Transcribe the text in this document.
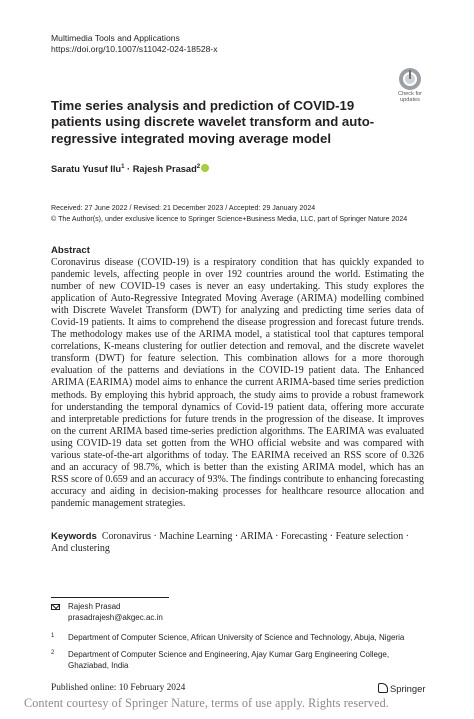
Multimedia Tools and Applications
https://doi.org/10.1007/s11042-024-18528-x
Check for
updates
Time series analysis and prediction of COVID-19 patients using discrete wavelet transform and auto-regressive integrated moving average model
Saratu Yusuf Ilu$^1$ · Rajesh Prasad$^2$
Received: 27 June 2022 / Revised: 21 December 2023 / Accepted: 29 January 2024
© The Author(s), under exclusive licence to Springer Science+Business Media, LLC, part of Springer Nature 2024
Abstract
Coronavirus disease (COVID-19) is a respiratory condition that has quickly expanded to pandemic levels, affecting people in over 192 countries around the world. Estimating the number of new COVID-19 cases is never an easy undertaking. This study explores the application of Auto-Regressive Integrated Moving Average (ARIMA) modelling combined with Discrete Wavelet Transform (DWT) for analyzing and predicting time series data of Covid-19 patients. It aims to comprehend the disease progression and forecast future trends. The methodology makes use of the ARIMA model, a statistical tool that captures temporal correlations, K-means clustering for outlier detection and removal, and the discrete wavelet transform (DWT) for feature selection. This combination allows for a more thorough evaluation of the patterns and deviations in the COVID-19 patient data. The Enhanced ARIMA (EARIMA) model aims to enhance the current ARIMA-based time series prediction methods. By employing this hybrid approach, the study aims to provide a robust framework for understanding the temporal dynamics of Covid-19 patient data, offering more accurate and interpretable predictions for future trends in the progression of the disease. It improves on the current ARIMA based time-series prediction algorithms. The EARIMA was evaluated using COVID-19 data set gotten from the WHO official website and was compared with various state-of-the-art algorithms of today. The EARIMA received an RSS score of 0.326 and an accuracy of 98.7%, which is better than the existing ARIMA model, which has an RSS score of 0.659 and an accuracy of 93%. The findings contribute to enhancing forecasting accuracy and aiding in decision-making processes for healthcare resource allocation and pandemic management strategies.
Keywords Coronavirus · Machine Learning · ARIMA · Forecasting · Feature selection · And clustering
Rajesh Prasad
prasadrajesh@akgec.ac.in
1 Department of Computer Science, African University of Science and Technology, Abuja, Nigeria
2 Department of Computer Science and Engineering, Ajay Kumar Garg Engineering College, Ghaziabad, India
Published online: 10 February 2024	Springer
Content courtesy of Springer Nature, terms of use apply. Rights reserved.
